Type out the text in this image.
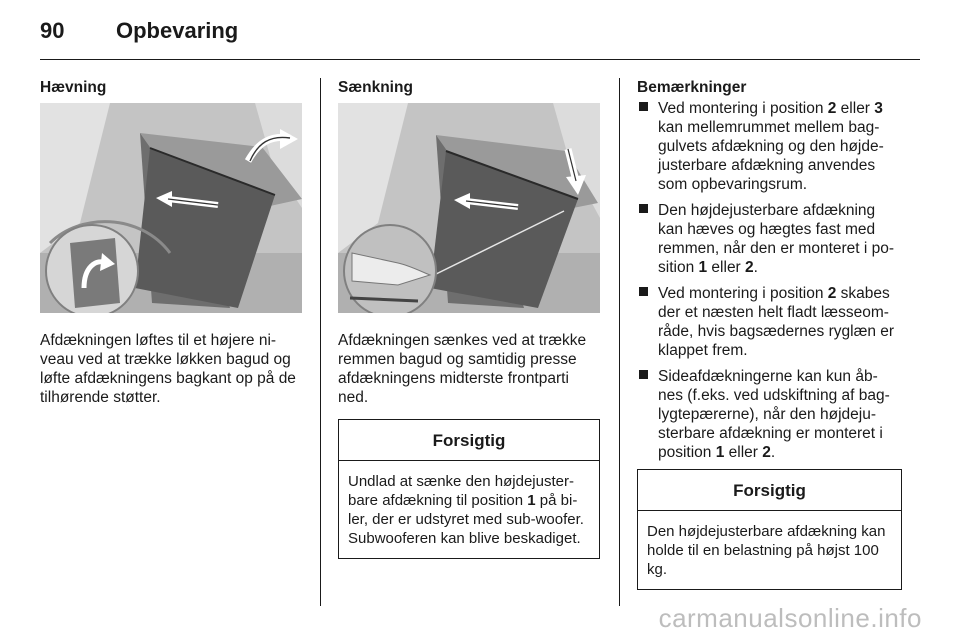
90 Opbevaring
Hævning

Afdækningen løftes til et højere ni-veau ved at trække løkken bagud og løfte afdækningens bagkant op på de tilhørende støtter.

Sænkning

Afdækningen sænkes ved at trække remmen bagud og samtidig presse afdækningens midterste frontparti ned.

Forsigtig
Undlad at sænke den højdejuster-bare afdækning til position 1 på bi-ler, der er udstyret med sub-woofer. Subwooferen kan blive beskadiget.
Bemærkninger
Ved montering i position 2 eller 3 kan mellemrummet mellem bag-gulvets afdækning og den højde-justerbare afdækning anvendes som opbevaringsrum.
Den højdejusterbare afdækning kan hæves og hægtes fast med remmen, når den er monteret i po-sition 1 eller 2.
Ved montering i position 2 skabes der et næsten helt fladt læsseom-råde, hvis bagsædernes ryglæn er klappet frem.
Sideafdækningerne kan kun åb-nes (f.eks. ved udskiftning af bag-lygtepærerne), når den højdeju-sterbare afdækning er monteret i position 1 eller 2.
Forsigtig
Den højdejusterbare afdækning kan holde til en belastning på højst 100 kg.
carmanualsonline.info
